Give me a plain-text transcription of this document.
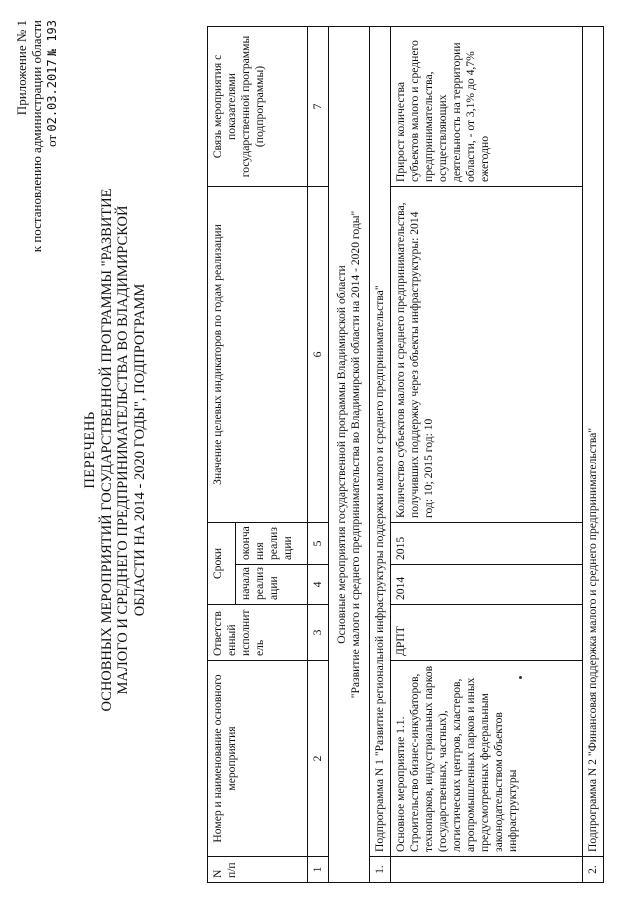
Приложение № 1 к постановлению администрации области от 02.03.2017 № 193
ПЕРЕЧЕНЬ ОСНОВНЫХ МЕРОПРИЯТИЙ ГОСУДАРСТВЕННОЙ ПРОГРАММЫ "РАЗВИТИЕ МАЛОГО И СРЕДНЕГО ПРЕДПРИНИМАТЕЛЬСТВА ВО ВЛАДИМИРСКОЙ ОБЛАСТИ НА 2014 - 2020 ГОДЫ", ПОДПРОГРАММ
N п/п	Номер и наименование основного мероприятия	Ответств енный исполнит ель	Сроки		Значение целевых индикаторов по годам реализации	Связь мероприятия с показателями государственной программы (подпрограммы)
			начала реализ ации	оконча ния реализ ации		
1	2	3	4	5	6	7

Основные мероприятия государственной программы Владимирской области "Развитие малого и среднего предпринимательства во Владимирской области на 2014 - 2020 годы"						

1.	Подпрограмма N 1 "Развитие региональной инфраструктуры поддержки малого и среднего предпринимательства"					
	Основное мероприятие 1.1. Строительство бизнес-инкубаторов, технопарков, индустриальных парков (государственных, частных), логистических центров, кластеров, агропромышленных парков и иных предусмотренных федеральным законодательством объектов инфраструктуры	ДРПТ	2014	2015	Количество субъектов малого и среднего предпринимательства, получивших поддержку через объекты инфраструктуры: 2014 год: 10; 2015 год: 10	Прирост количества субъектов малого и среднего предпринимательства, осуществляющих деятельность на территории области, - от 3,1% до 4,7% ежегодно
2.	Подпрограмма N 2 "Финансовая поддержка малого и среднего предпринимательства"					
